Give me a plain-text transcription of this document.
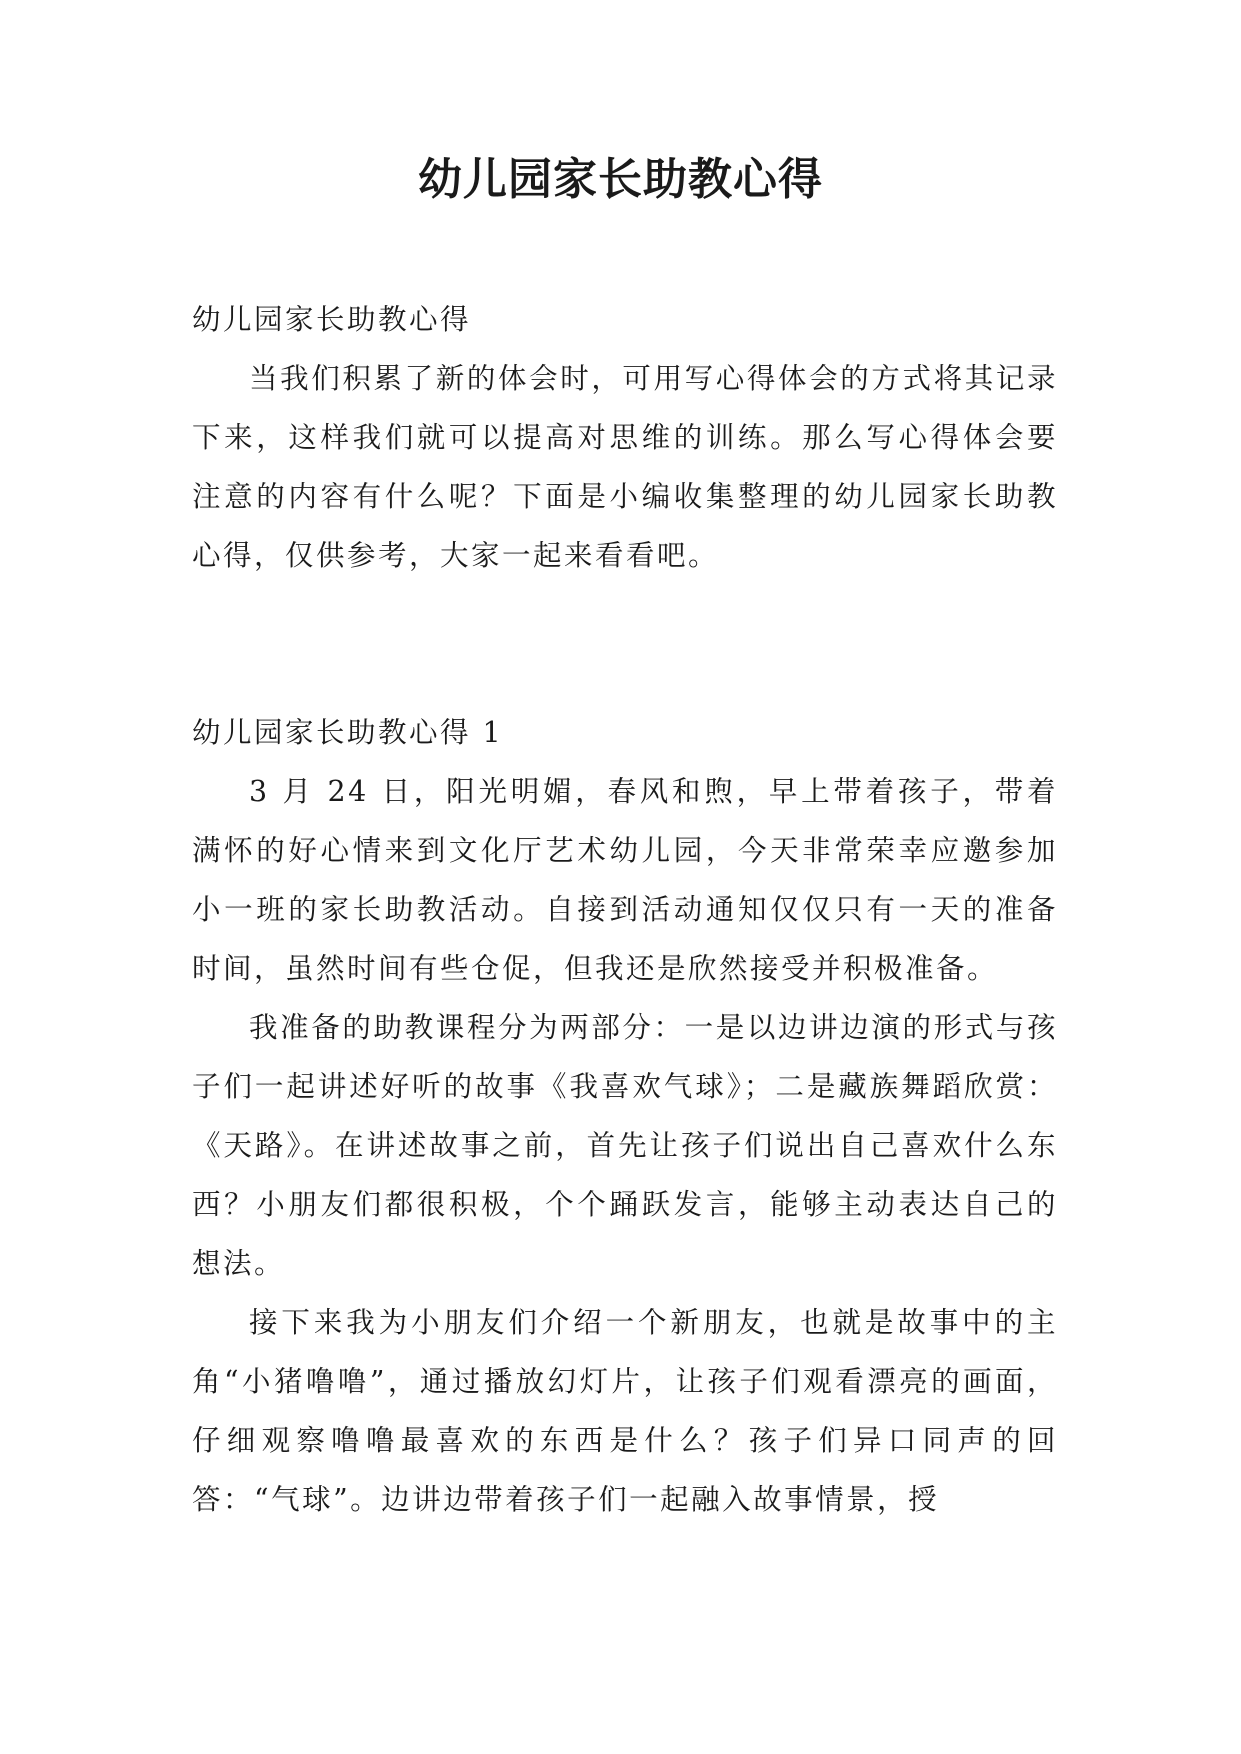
幼儿园家长助教心得

幼儿园家长助教心得

当我们积累了新的体会时，可用写心得体会的方式将其记录下来，这样我们就可以提高对思维的训练。那么写心得体会要注意的内容有什么呢？下面是小编收集整理的幼儿园家长助教心得，仅供参考，大家一起来看看吧。

幼儿园家长助教心得 1

3 月 24 日，阳光明媚，春风和煦，早上带着孩子，带着满怀的好心情来到文化厅艺术幼儿园，今天非常荣幸应邀参加小一班的家长助教活动。自接到活动通知仅仅只有一天的准备时间，虽然时间有些仓促，但我还是欣然接受并积极准备。

我准备的助教课程分为两部分：一是以边讲边演的形式与孩子们一起讲述好听的故事《我喜欢气球》；二是藏族舞蹈欣赏：《天路》。在讲述故事之前，首先让孩子们说出自己喜欢什么东西？小朋友们都很积极，个个踊跃发言，能够主动表达自己的想法。

接下来我为小朋友们介绍一个新朋友，也就是故事中的主角“小猪噜噜”，通过播放幻灯片，让孩子们观看漂亮的画面，仔细观察噜噜最喜欢的东西是什么？孩子们异口同声的回答：“气球”。边讲边带着孩子们一起融入故事情景，授
